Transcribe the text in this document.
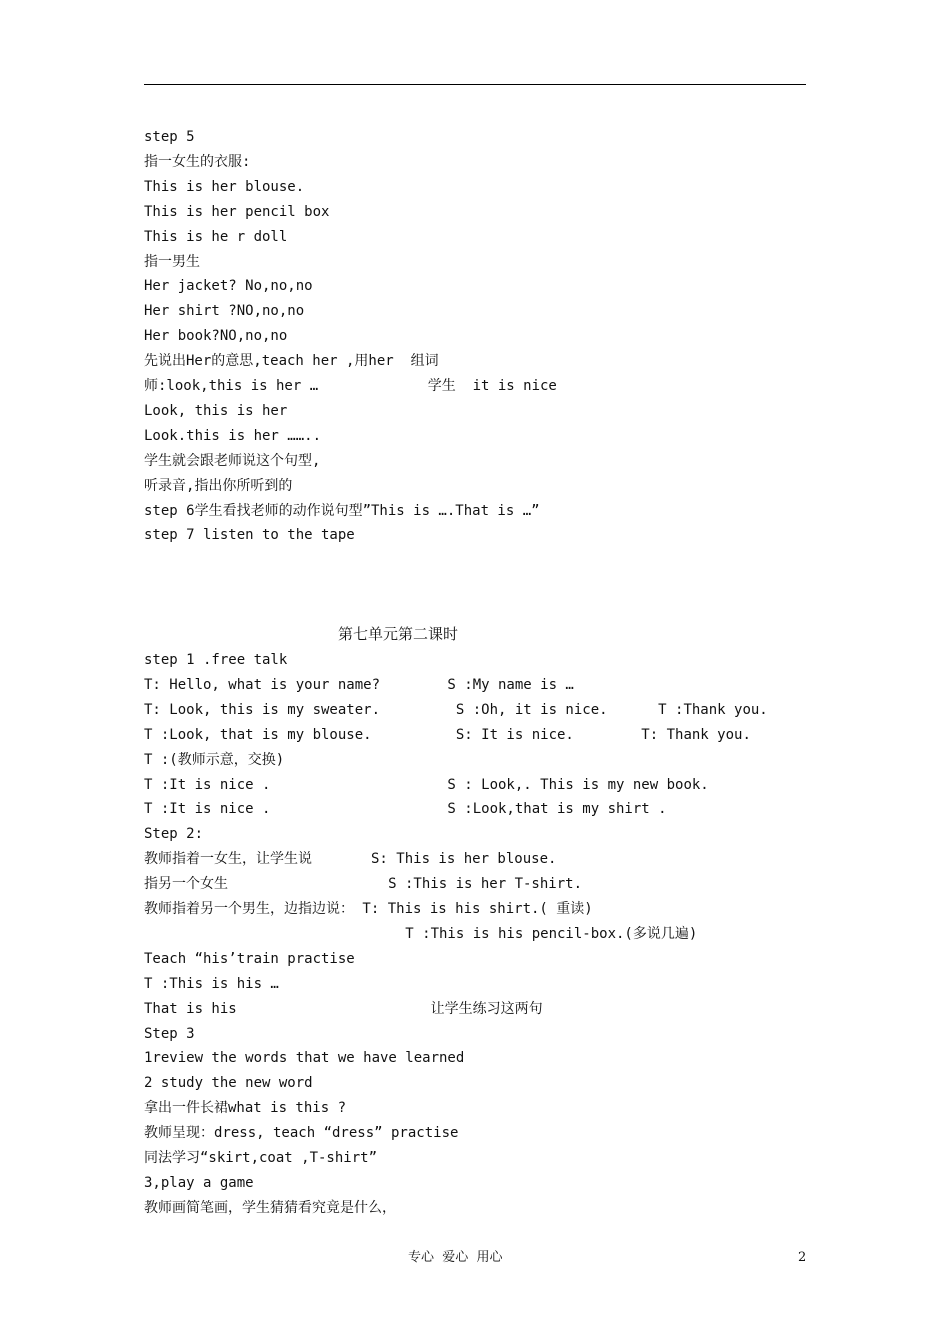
step 5
指一女生的衣服:
This is her blouse.
This is her pencil box
This is he r doll
指一男生
Her jacket? No,no,no
Her shirt ?NO,no,no
Her book?NO,no,no
先说出Her的意思,teach her ,用her  组词
师:look,this is her …             学生  it is nice
Look, this is her
Look.this is her ……..
学生就会跟老师说这个句型,
听录音,指出你所听到的
step 6学生看找老师的动作说句型”This is ….That is …”
step 7 listen to the tape
第七单元第二课时
step 1 .free talk
T: Hello, what is your name?        S :My name is …
T: Look, this is my sweater.         S :Oh, it is nice.      T :Thank you.
T :Look, that is my blouse.          S: It is nice.        T: Thank you.
T :(教师示意，交换)
T :It is nice .                     S : Look,. This is my new book.
T :It is nice .                     S :Look,that is my shirt .
Step 2:
教师指着一女生，让学生说       S: This is her blouse.
指另一个女生                   S :This is her T-shirt.
教师指着另一个男生，边指边说： T: This is his shirt.( 重读)
T :This is his pencil-box.(多说几遍)
Teach “his’train practise
T :This is his …
That is his                       让学生练习这两句
Step 3
1review the words that we have learned
2 study the new word
拿出一件长裙what is this ?
教师呈现：dress, teach “dress” practise
同法学习“skirt,coat ,T-shirt”
3,play a game
教师画简笔画，学生猜猜看究竟是什么，
专心  爱心  用心	2
